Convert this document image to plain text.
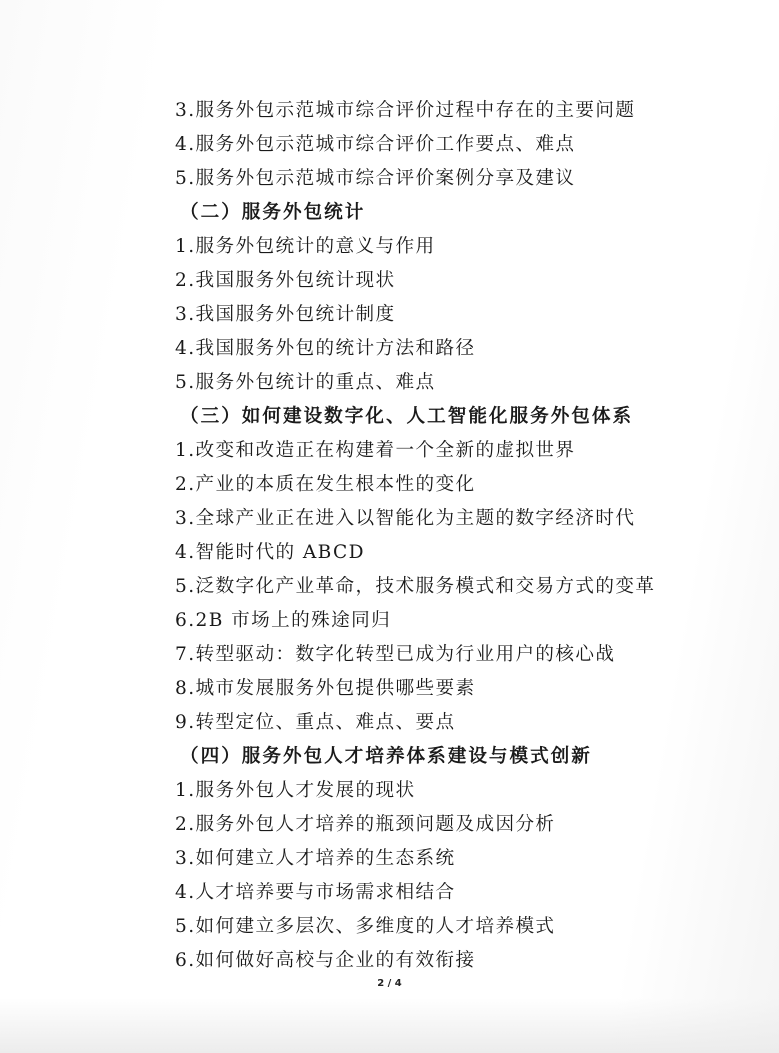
3.服务外包示范城市综合评价过程中存在的主要问题
4.服务外包示范城市综合评价工作要点、难点
5.服务外包示范城市综合评价案例分享及建议
（二）服务外包统计
1.服务外包统计的意义与作用
2.我国服务外包统计现状
3.我国服务外包统计制度
4.我国服务外包的统计方法和路径
5.服务外包统计的重点、难点
（三）如何建设数字化、人工智能化服务外包体系
1.改变和改造正在构建着一个全新的虚拟世界
2.产业的本质在发生根本性的变化
3.全球产业正在进入以智能化为主题的数字经济时代
4.智能时代的 ABCD
5.泛数字化产业革命，技术服务模式和交易方式的变革
6.2B 市场上的殊途同归
7.转型驱动：数字化转型已成为行业用户的核心战
8.城市发展服务外包提供哪些要素
9.转型定位、重点、难点、要点
（四）服务外包人才培养体系建设与模式创新
1.服务外包人才发展的现状
2.服务外包人才培养的瓶颈问题及成因分析
3.如何建立人才培养的生态系统
4.人才培养要与市场需求相结合
5.如何建立多层次、多维度的人才培养模式
6.如何做好高校与企业的有效衔接
2 / 4
